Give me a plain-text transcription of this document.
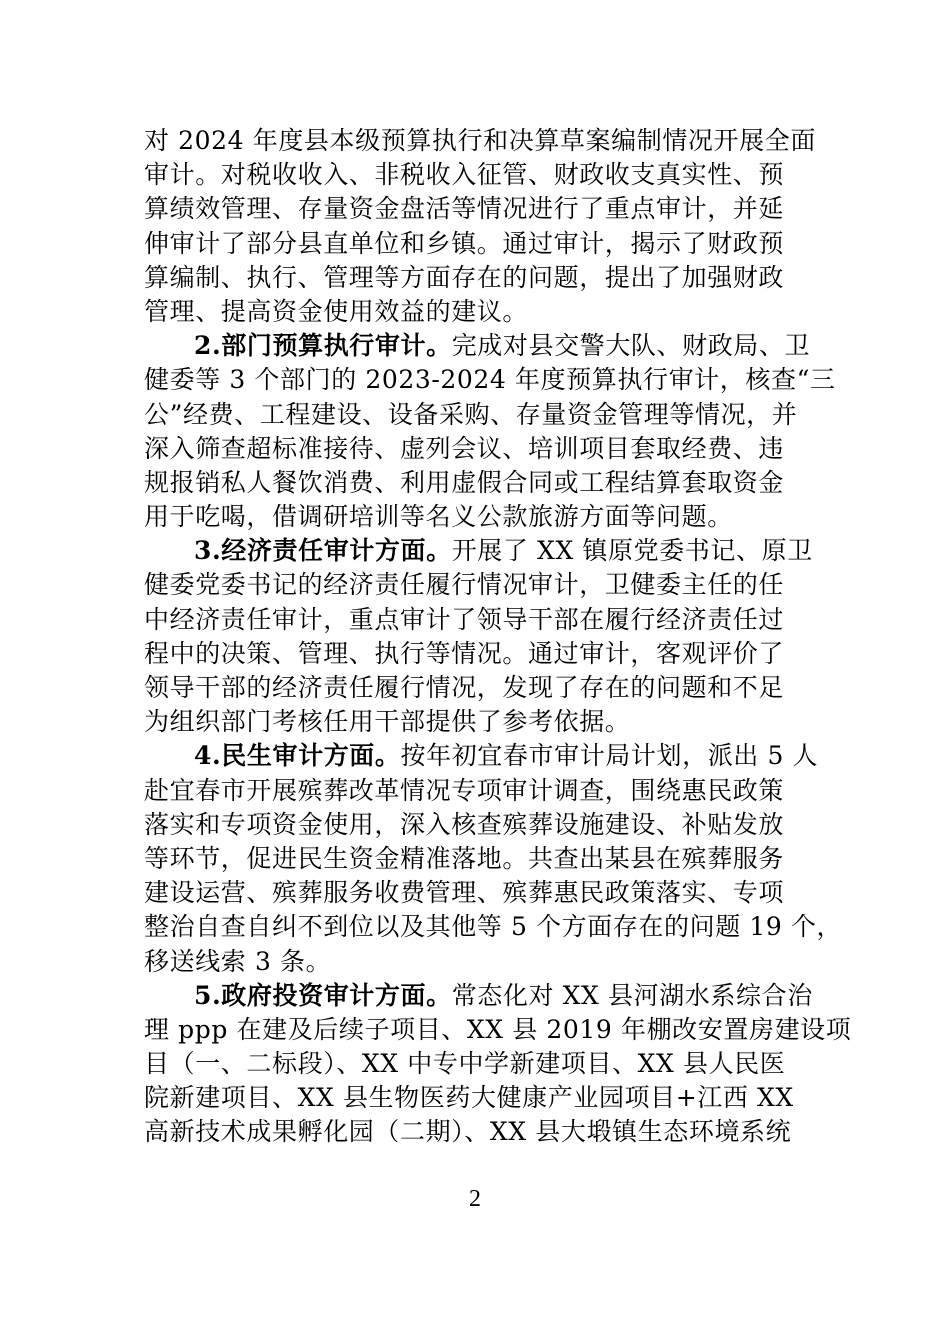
对 2024 年度县本级预算执行和决算草案编制情况开展全面
审计。对税收收入、非税收入征管、财政收支真实性、预
算绩效管理、存量资金盘活等情况进行了重点审计，并延
伸审计了部分县直单位和乡镇。通过审计，揭示了财政预
算编制、执行、管理等方面存在的问题，提出了加强财政
管理、提高资金使用效益的建议。
2.部门预算执行审计。完成对县交警大队、财政局、卫
健委等 3 个部门的 2023-2024 年度预算执行审计，核查“三
公”经费、工程建设、设备采购、存量资金管理等情况，并
深入筛查超标准接待、虚列会议、培训项目套取经费、违
规报销私人餐饮消费、利用虚假合同或工程结算套取资金
用于吃喝，借调研培训等名义公款旅游方面等问题。
3.经济责任审计方面。开展了 XX 镇原党委书记、原卫
健委党委书记的经济责任履行情况审计，卫健委主任的任
中经济责任审计，重点审计了领导干部在履行经济责任过
程中的决策、管理、执行等情况。通过审计，客观评价了
领导干部的经济责任履行情况，发现了存在的问题和不足
为组织部门考核任用干部提供了参考依据。
4.民生审计方面。按年初宜春市审计局计划，派出 5 人
赴宜春市开展殡葬改革情况专项审计调查，围绕惠民政策
落实和专项资金使用，深入核查殡葬设施建设、补贴发放
等环节，促进民生资金精准落地。共查出某县在殡葬服务
建设运营、殡葬服务收费管理、殡葬惠民政策落实、专项
整治自查自纠不到位以及其他等 5 个方面存在的问题 19 个，
移送线索 3 条。
5.政府投资审计方面。常态化对 XX 县河湖水系综合治
理 ppp 在建及后续子项目、XX 县 2019 年棚改安置房建设项
目（一、二标段）、XX 中专中学新建项目、XX 县人民医
院新建项目、XX 县生物医药大健康产业园项目+江西 XX
高新技术成果孵化园（二期）、XX 县大塅镇生态环境系统
2
